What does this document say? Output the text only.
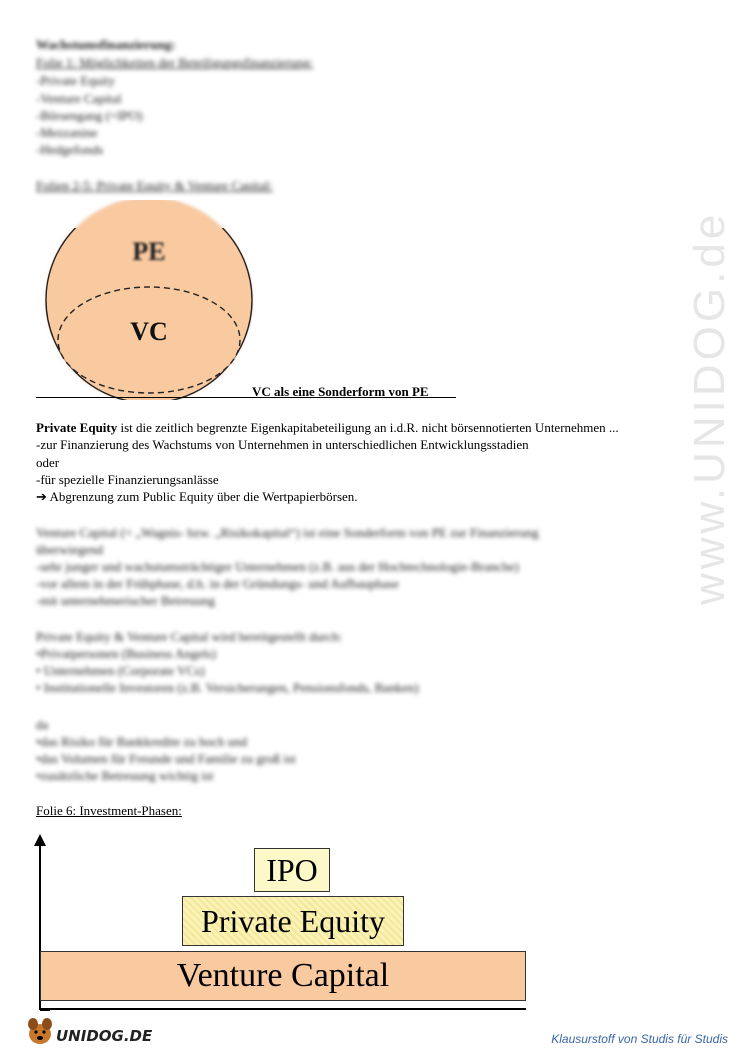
www.UNIDOG.de
Wachstumsfinanzierung:
Folie 1: Möglichkeiten der Beteiligungsfinanzierung:
-Private Equity
-Venture Capital
-Börsengang (=IPO)
-Mezzanine
-Hedgefonds
Folien 2-5: Private Equity & Venture Capital:
PE
VC
VC als eine Sonderform von PE
Private Equity ist die zeitlich begrenzte Eigenkapitabeteiligung an i.d.R. nicht börsennotierten Unternehmen ...
-zur Finanzierung des Wachstums von Unternehmen in unterschiedlichen Entwicklungsstadien
oder
-für spezielle Finanzierungsanlässe
➔ Abgrenzung zum Public Equity über die Wertpapierbörsen.
Venture Capital (= „Wagnis- bzw. „Risikokapital“) ist eine Sonderform von PE zur Finanzierung
überwiegend
-sehr junger und wachstumsträchtiger Unternehmen (z.B. aus der Hochtechnologie-Branche)
-vor allem in der Frühphase, d.h. in der Gründungs- und Aufbauphase
-mit unternehmerischer Betreuung
Private Equity & Venture Capital wird bereitgestellt durch:
•Privatpersonen (Business Angels)
• Unternehmen (Corporate VCs)
• Institutionelle Investoren (z.B. Versicherungen, Pensionsfonds, Banken)
da
•das Risiko für Bankkredite zu hoch und
•das Volumen für Freunde und Familie zu groß ist
•zusätzliche Betreuung wichtig ist
Folie 6: Investment-Phasen:
Venture Capital
Private Equity
IPO
UNIDOG.DE	Klausurstoff von Studis für Studis
